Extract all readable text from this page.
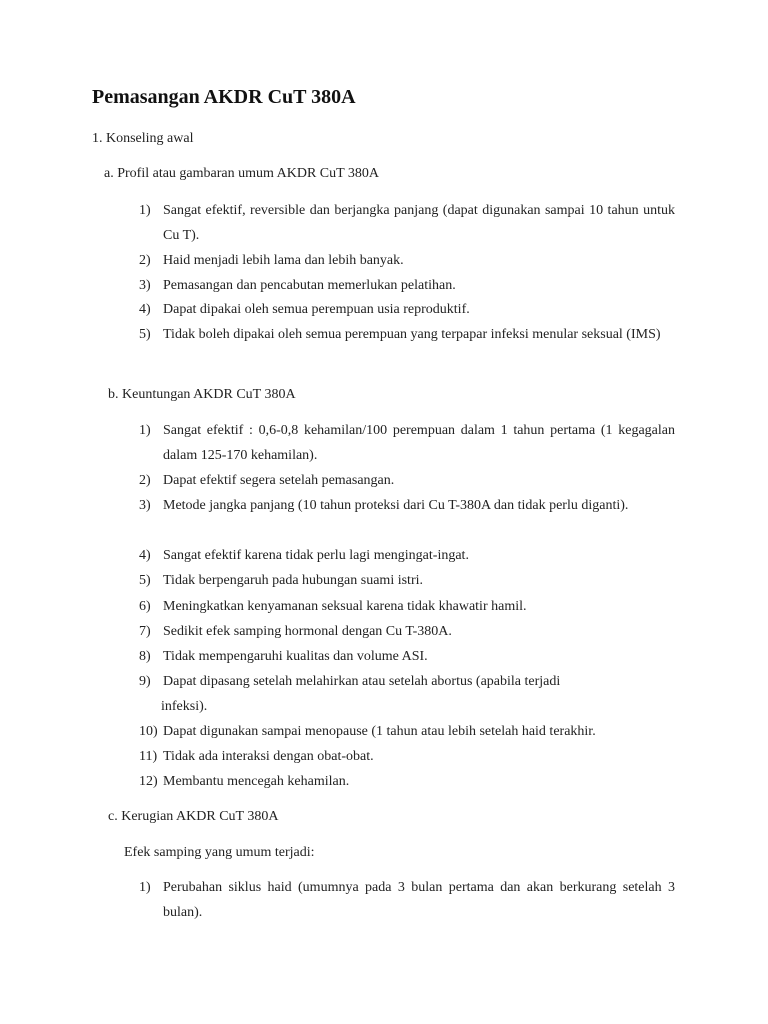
Pemasangan AKDR CuT 380A
1. Konseling awal
a. Profil atau gambaran umum AKDR CuT 380A
1) Sangat efektif, reversible dan berjangka panjang (dapat digunakan sampai 10 tahun untuk Cu T).
2) Haid menjadi lebih lama dan lebih banyak.
3) Pemasangan dan pencabutan memerlukan pelatihan.
4) Dapat dipakai oleh semua perempuan usia reproduktif.
5) Tidak boleh dipakai oleh semua perempuan yang terpapar infeksi menular seksual (IMS)
b. Keuntungan AKDR CuT 380A
1) Sangat efektif : 0,6-0,8 kehamilan/100 perempuan dalam 1 tahun pertama (1 kegagalan dalam 125-170 kehamilan).
2) Dapat efektif segera setelah pemasangan.
3) Metode jangka panjang (10 tahun proteksi dari Cu T-380A dan tidak perlu diganti).
4) Sangat efektif karena tidak perlu lagi mengingat-ingat.
5) Tidak berpengaruh pada hubungan suami istri.
6) Meningkatkan kenyamanan seksual karena tidak khawatir hamil.
7) Sedikit efek samping hormonal dengan Cu T-380A.
8) Tidak mempengaruhi kualitas dan volume ASI.
9) Dapat dipasang setelah melahirkan atau setelah abortus (apabila terjadi
infeksi).
10) Dapat digunakan sampai menopause (1 tahun atau lebih setelah haid terakhir.
11) Tidak ada interaksi dengan obat-obat.
12) Membantu mencegah kehamilan.
c. Kerugian AKDR CuT 380A
Efek samping yang umum terjadi:
1) Perubahan siklus haid (umumnya pada 3 bulan pertama dan akan berkurang setelah 3 bulan).
